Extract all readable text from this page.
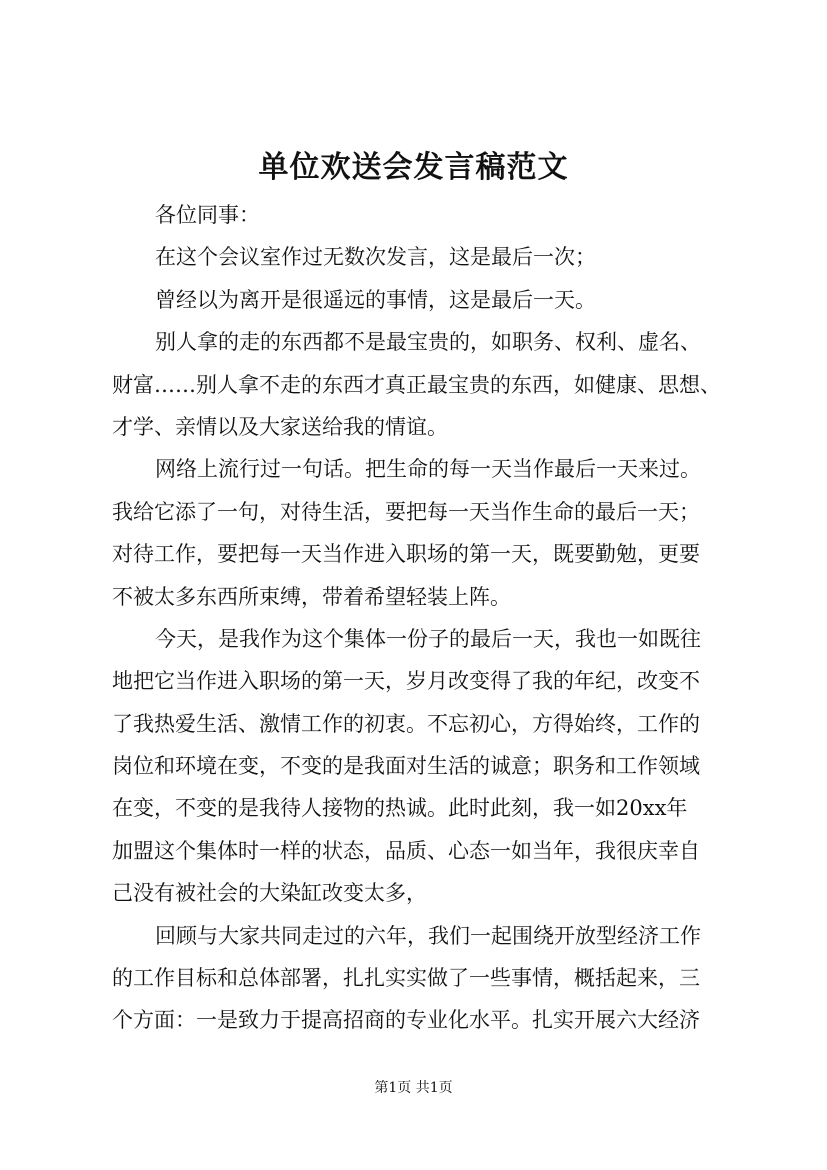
单位欢送会发言稿范文
各位同事：
在这个会议室作过无数次发言，这是最后一次；
曾经以为离开是很遥远的事情，这是最后一天。
别人拿的走的东西都不是最宝贵的，如职务、权利、虚名、
财富……别人拿不走的东西才真正最宝贵的东西，如健康、思想、
才学、亲情以及大家送给我的情谊。
网络上流行过一句话。把生命的每一天当作最后一天来过。
我给它添了一句，对待生活，要把每一天当作生命的最后一天；
对待工作，要把每一天当作进入职场的第一天，既要勤勉，更要
不被太多东西所束缚，带着希望轻装上阵。
今天，是我作为这个集体一份子的最后一天，我也一如既往
地把它当作进入职场的第一天，岁月改变得了我的年纪，改变不
了我热爱生活、激情工作的初衷。不忘初心，方得始终，工作的
岗位和环境在变，不变的是我面对生活的诚意；职务和工作领域
在变，不变的是我待人接物的热诚。此时此刻，我一如20xx年
加盟这个集体时一样的状态，品质、心态一如当年，我很庆幸自
己没有被社会的大染缸改变太多，
回顾与大家共同走过的六年，我们一起围绕开放型经济工作
的工作目标和总体部署，扎扎实实做了一些事情，概括起来，三
个方面：一是致力于提高招商的专业化水平。扎实开展六大经济
第1页 共1页
